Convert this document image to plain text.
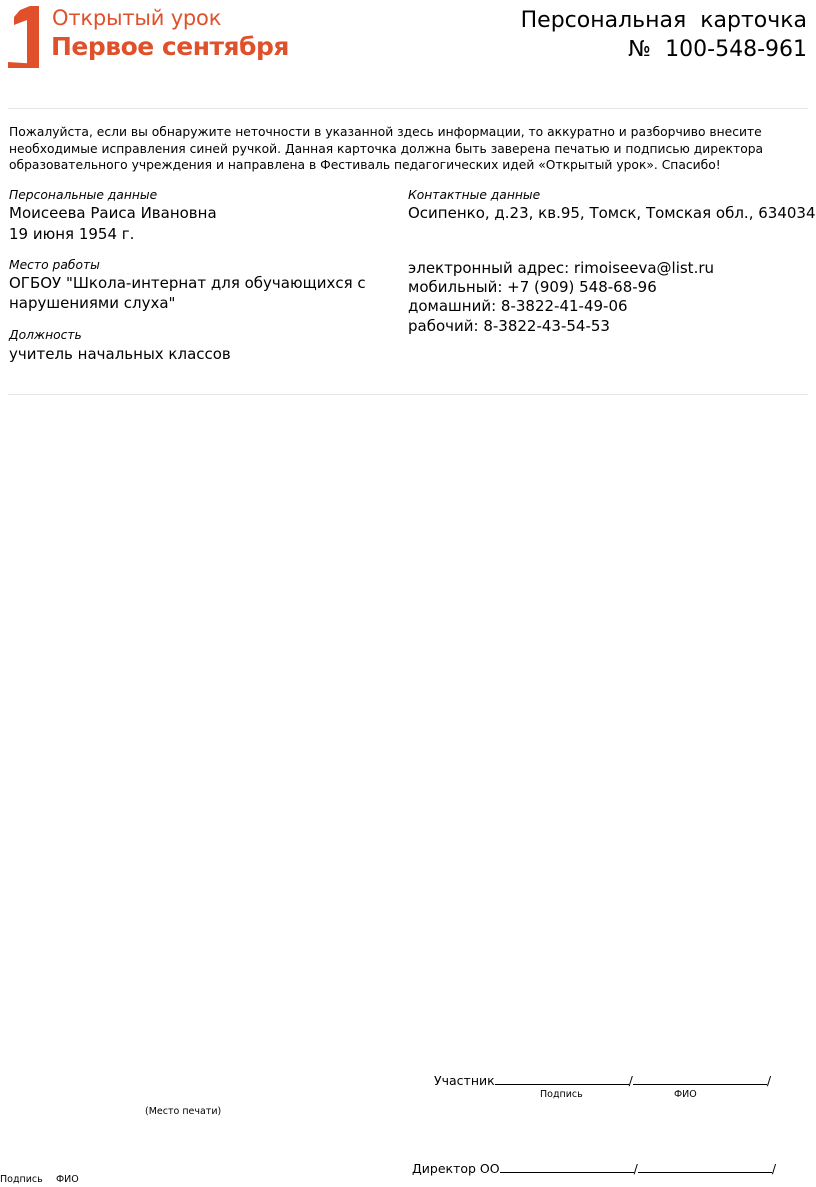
Открытый урок
Первое сентября
Персональная  карточка
№  100-548-961
Пожалуйста, если вы обнаружите неточности в указанной здесь информации, то аккуратно и разборчиво внесите необходимые исправления синей ручкой. Данная карточка должна быть заверена печатью и подписью директора образовательного учреждения и направлена в Фестиваль педагогических идей «Открытый урок». Спасибо!
Персональные данные
Моисеева Раиса Ивановна
19 июня 1954 г.
Место работы
ОГБОУ "Школа-интернат для обучающихся с нарушениями слуха"
Должность
учитель начальных классов
Контактные данные
Осипенко, д.23, кв.95, Томск, Томская обл., 634034
электронный адрес: rimoiseeva@list.ru
мобильный: +7 (909) 548-68-96
домашний: 8-3822-41-49-06
рабочий: 8-3822-43-54-53
Участник	/	/
Подпись	ФИО
(Место печати)
Директор ОО	/	/
Подпись ФИО
